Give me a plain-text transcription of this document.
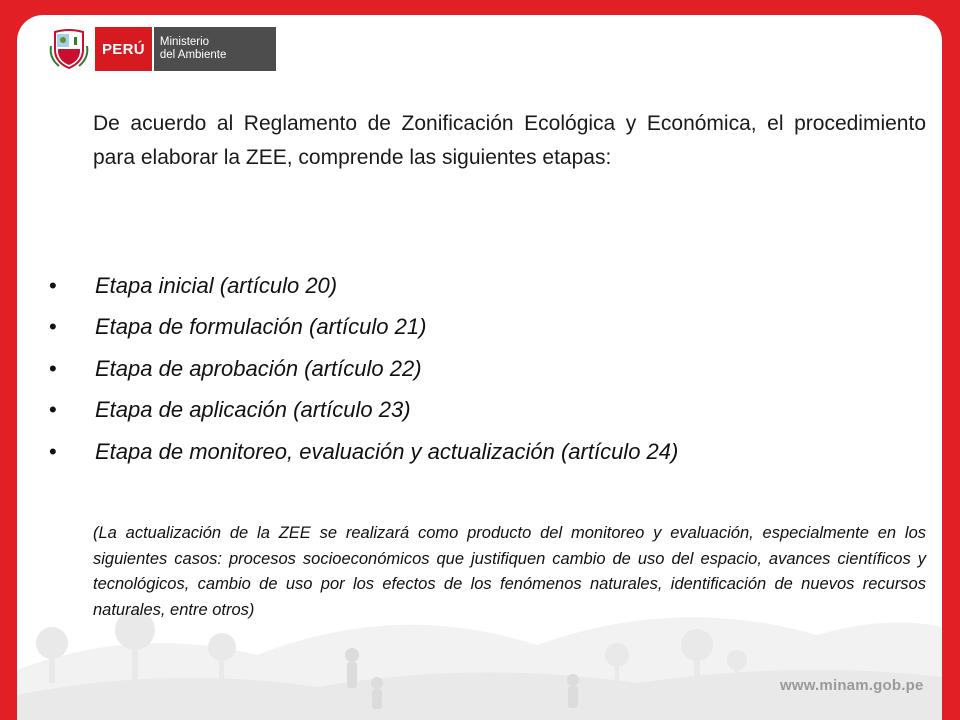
PERÚ	Ministerio
del Ambiente

De acuerdo al Reglamento de Zonificación Ecológica y Económica, el procedimiento para elaborar la ZEE, comprende las siguientes etapas:

•	Etapa inicial (artículo 20)
•	Etapa de formulación (artículo 21)
•	Etapa de aprobación (artículo 22)
•	Etapa de aplicación (artículo 23)
•	Etapa de monitoreo, evaluación y actualización (artículo 24)

(La actualización de la ZEE se realizará como producto del monitoreo y evaluación, especialmente en los siguientes casos: procesos socioeconómicos que justifiquen cambio de uso del espacio, avances científicos y tecnológicos, cambio de uso por los efectos de los fenómenos naturales, identificación de nuevos recursos naturales, entre otros)

www.minam.gob.pe
